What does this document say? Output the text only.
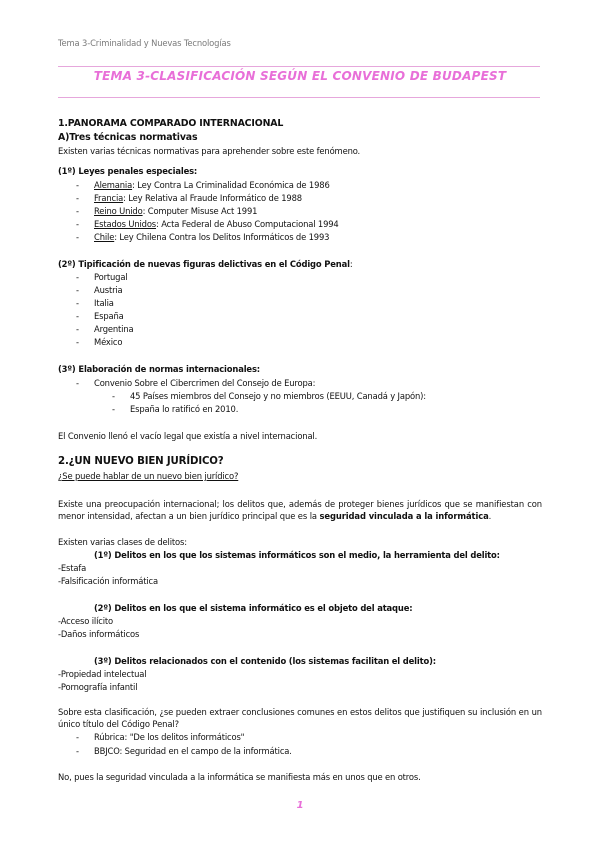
Tema 3-Criminalidad y Nuevas Tecnologías
TEMA 3-CLASIFICACIÓN SEGÚN EL CONVENIO DE BUDAPEST
1.PANORAMA COMPARADO INTERNACIONAL
A)Tres técnicas normativas
Existen varias técnicas normativas para aprehender sobre este fenómeno.
(1º) Leyes penales especiales:
- Alemania: Ley Contra La Criminalidad Económica de 1986
- Francia: Ley Relativa al Fraude Informático de 1988
- Reino Unido: Computer Misuse Act 1991
- Estados Unidos: Acta Federal de Abuso Computacional 1994
- Chile: Ley Chilena Contra los Delitos Informáticos de 1993
(2º) Tipificación de nuevas figuras delictivas en el Código Penal:
- Portugal
- Austria
- Italia
- España
- Argentina
- México
(3º) Elaboración de normas internacionales:
- Convenio Sobre el Cibercrimen del Consejo de Europa:
- 45 Países miembros del Consejo y no miembros (EEUU, Canadá y Japón):
- España lo ratificó en 2010.
El Convenio llenó el vacío legal que existía a nivel internacional.
2.¿UN NUEVO BIEN JURÍDICO?
¿Se puede hablar de un nuevo bien jurídico?
Existe una preocupación internacional; los delitos que, además de proteger bienes jurídicos que se manifiestan con menor intensidad, afectan a un bien jurídico principal que es la seguridad vinculada a la informática.
Existen varias clases de delitos:
(1º) Delitos en los que los sistemas informáticos son el medio, la herramienta del delito:
-Estafa
-Falsificación informática
(2º) Delitos en los que el sistema informático es el objeto del ataque:
-Acceso ilícito
-Daños informáticos
(3º) Delitos relacionados con el contenido (los sistemas facilitan el delito):
-Propiedad intelectual
-Pornografía infantil
Sobre esta clasificación, ¿se pueden extraer conclusiones comunes en estos delitos que justifiquen su inclusión en un único título del Código Penal?
- Rúbrica: "De los delitos informáticos"
- BBJCO: Seguridad en el campo de la informática.
No, pues la seguridad vinculada a la informática se manifiesta más en unos que en otros.
1
